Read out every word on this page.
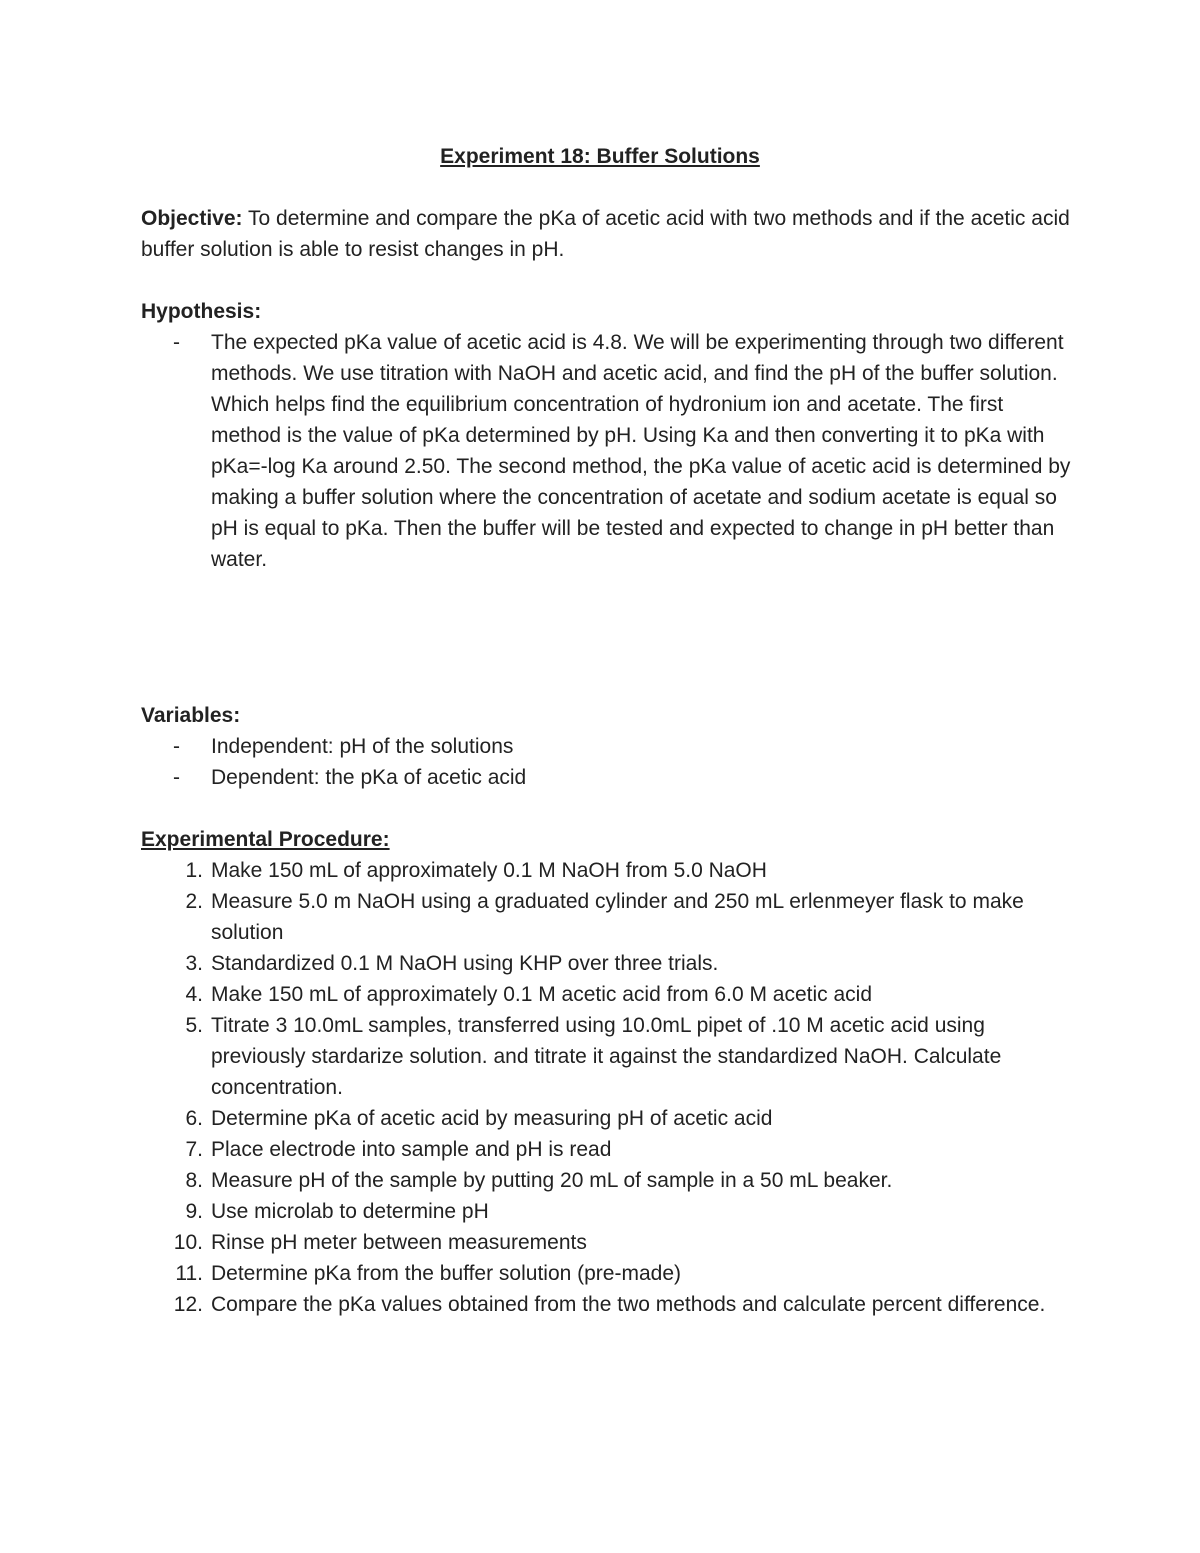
Experiment 18: Buffer Solutions
Objective: To determine and compare the pKa of acetic acid with two methods and if the acetic acid buffer solution is able to resist changes in pH.
Hypothesis:
- The expected pKa value of acetic acid is 4.8. We will be experimenting through two different methods. We use titration with NaOH and acetic acid, and find the pH of the buffer solution. Which helps find the equilibrium concentration of hydronium ion and acetate. The first method is the value of pKa determined by pH. Using Ka and then converting it to pKa with pKa=-log Ka around 2.50. The second method, the pKa value of acetic acid is determined by making a buffer solution where the concentration of acetate and sodium acetate is equal so pH is equal to pKa. Then the buffer will be tested and expected to change in pH better than water.
Variables:
- Independent: pH of the solutions
- Dependent: the pKa of acetic acid
Experimental Procedure:
1. Make 150 mL of approximately 0.1 M NaOH from 5.0 NaOH
2. Measure 5.0 m NaOH using a graduated cylinder and 250 mL erlenmeyer flask to make solution
3. Standardized 0.1 M NaOH using KHP over three trials.
4. Make 150 mL of approximately 0.1 M acetic acid from 6.0 M acetic acid
5. Titrate 3 10.0mL samples, transferred using 10.0mL pipet of .10 M acetic acid using previously stardarize solution. and titrate it against the standardized NaOH. Calculate concentration.
6. Determine pKa of acetic acid by measuring pH of acetic acid
7. Place electrode into sample and pH is read
8. Measure pH of the sample by putting 20 mL of sample in a 50 mL beaker.
9. Use microlab to determine pH
10. Rinse pH meter between measurements
11. Determine pKa from the buffer solution (pre-made)
12. Compare the pKa values obtained from the two methods and calculate percent difference.
